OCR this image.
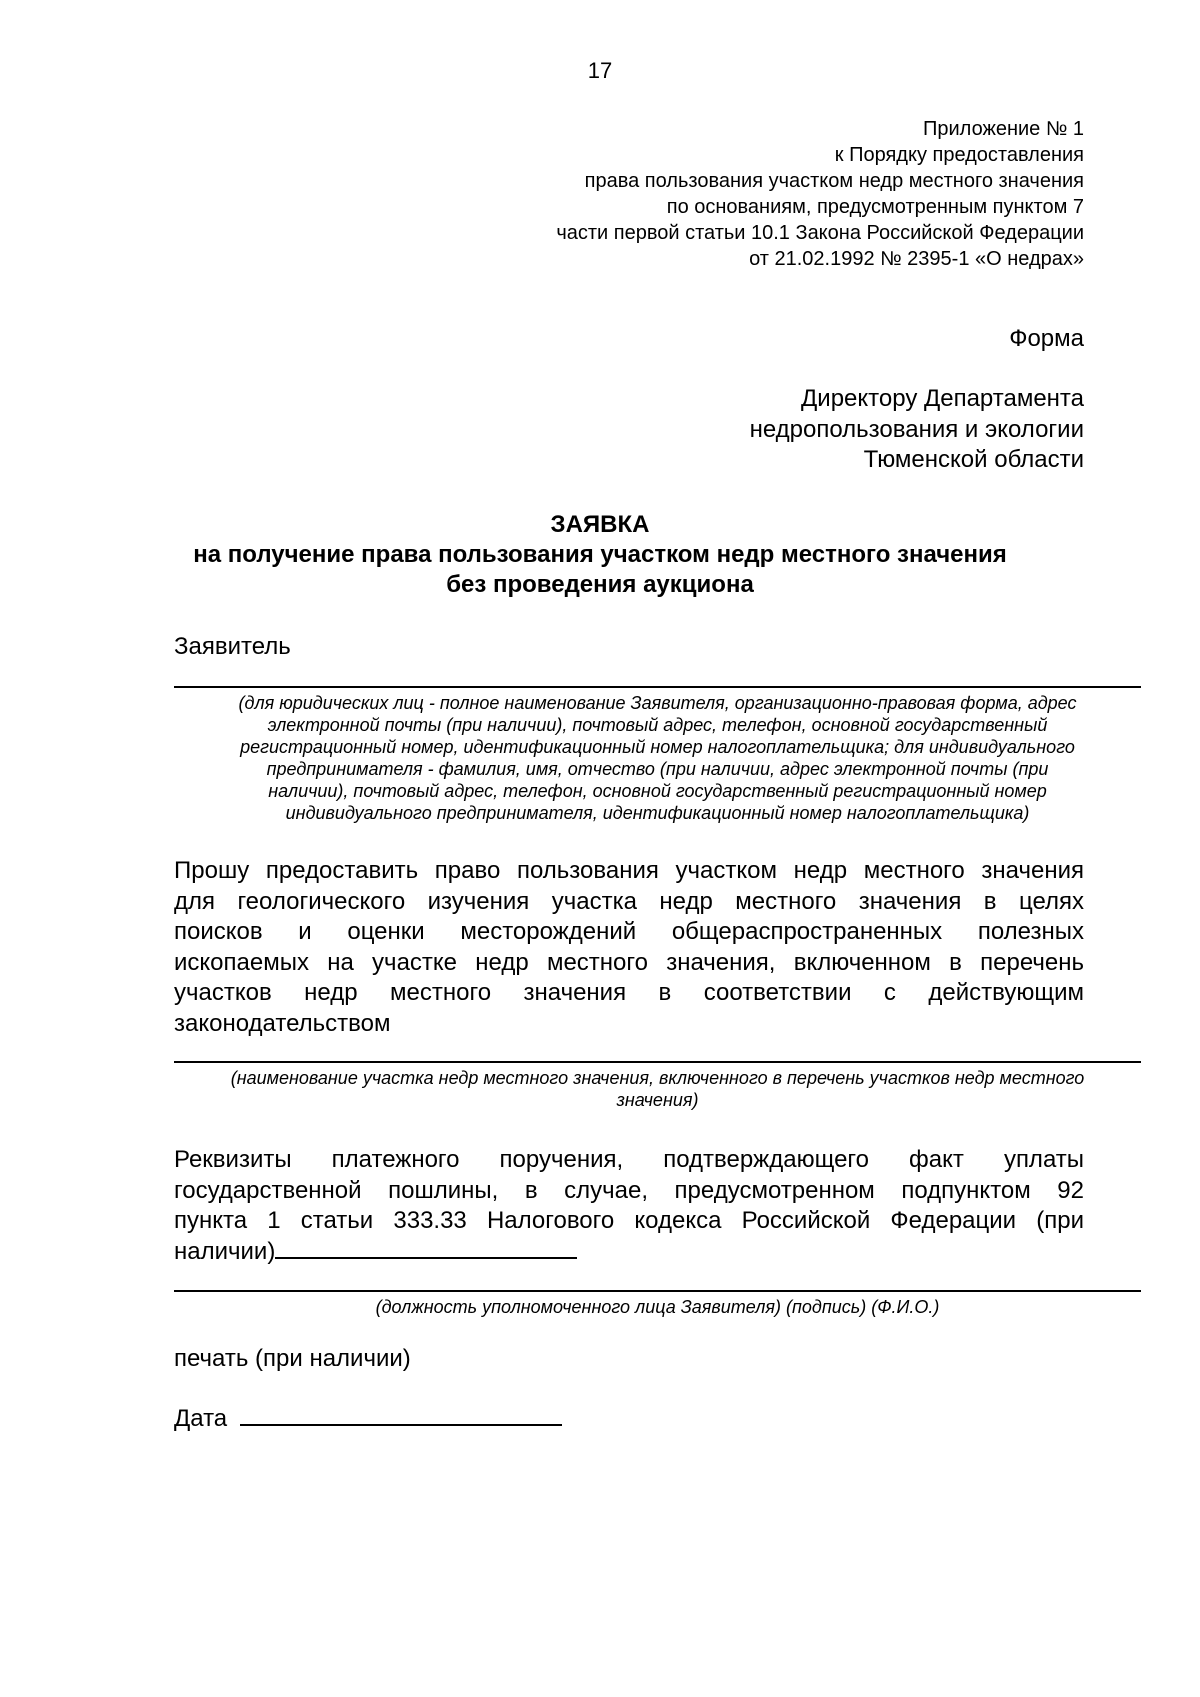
17
Приложение № 1
к Порядку предоставления
права пользования участком недр местного значения
по основаниям, предусмотренным пунктом 7
части первой статьи 10.1 Закона Российской Федерации
от 21.02.1992 № 2395-1 «О недрах»
Форма
Директору Департамента
недропользования и экологии
Тюменской области
ЗАЯВКА
на получение права пользования участком недр местного значения
без проведения аукциона
Заявитель
(для юридических лиц - полное наименование Заявителя, организационно-правовая форма, адрес
электронной почты (при наличии), почтовый адрес, телефон, основной государственный
регистрационный номер, идентификационный номер налогоплательщика; для индивидуального
предпринимателя - фамилия, имя, отчество (при наличии, адрес электронной почты (при
наличии), почтовый адрес, телефон, основной государственный регистрационный номер
индивидуального предпринимателя, идентификационный номер налогоплательщика)
Прошу предоставить право пользования участком недр местного значения
для геологического изучения участка недр местного значения в целях
поисков и оценки месторождений общераспространенных полезных
ископаемых на участке недр местного значения, включенном в перечень
участков недр местного значения в соответствии с действующим
законодательством
(наименование участка недр местного значения, включенного в перечень участков недр местного
значения)
Реквизиты платежного поручения, подтверждающего факт уплаты
государственной пошлины, в случае, предусмотренном подпунктом 92
пункта 1 статьи 333.33 Налогового кодекса Российской Федерации (при
наличии)
(должность уполномоченного лица Заявителя) (подпись) (Ф.И.О.)
печать (при наличии)
Дата
